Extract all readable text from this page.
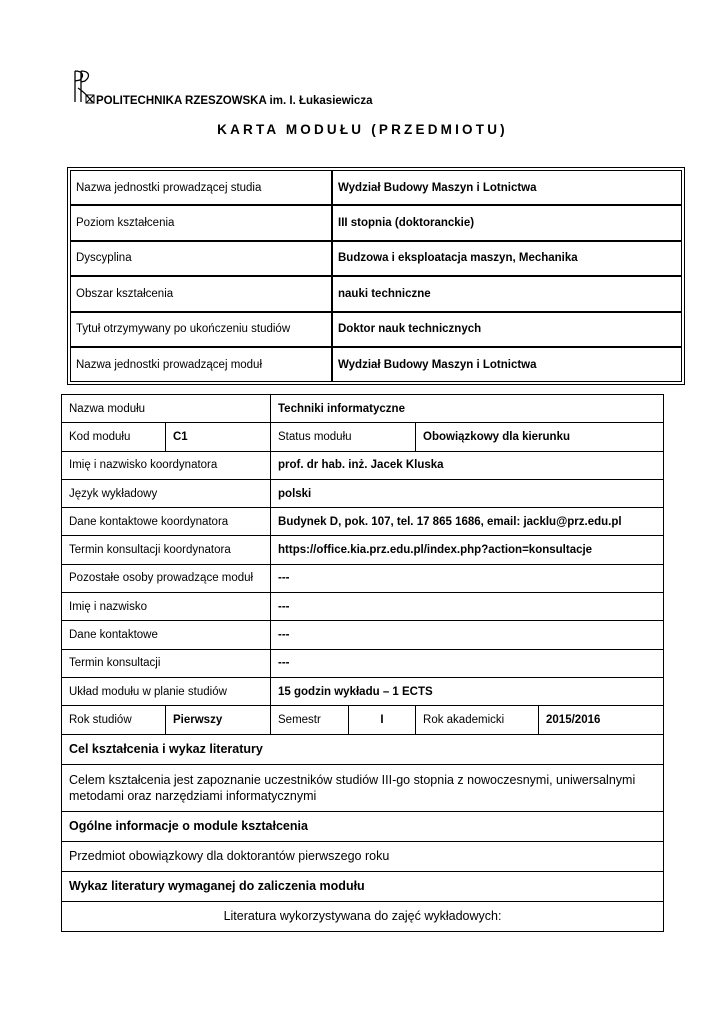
POLITECHNIKA RZESZOWSKA im. I. Łukasiewicza
KARTA MODUŁU (PRZEDMIOTU)
Nazwa jednostki prowadzącej studia	Wydział Budowy Maszyn i Lotnictwa
Poziom kształcenia	III stopnia (doktoranckie)
Dyscyplina	Budzowa i eksploatacja maszyn, Mechanika
Obszar kształcenia	nauki techniczne
Tytuł otrzymywany po ukończeniu studiów	Doktor nauk technicznych
Nazwa jednostki prowadzącej moduł	Wydział Budowy Maszyn i Lotnictwa
Nazwa modułu		Techniki informatyczne			
Kod modułu	C1	Status modułu		Obowiązkowy dla kierunku	
Imię i nazwisko koordynatora		prof. dr hab. inż. Jacek Kluska			
Język wykładowy		polski			
Dane kontaktowe koordynatora		Budynek D, pok. 107, tel. 17 865 1686, email: jacklu@prz.edu.pl			
Termin konsultacji koordynatora		https://office.kia.prz.edu.pl/index.php?action=konsultacje			
Pozostałe osoby prowadzące moduł		---			
Imię i nazwisko		---			
Dane kontaktowe		---			
Termin konsultacji		---			
Układ modułu w planie studiów		15 godzin wykładu – 1 ECTS			
Rok studiów	Pierwszy	Semestr	I	Rok akademicki	2015/2016
Cel kształcenia i wykaz literatury					
Celem kształcenia jest zapoznanie uczestników studiów III-go stopnia z nowoczesnymi, uniwersalnymi metodami oraz narzędziami informatycznymi					
Ogólne informacje o module kształcenia					
Przedmiot obowiązkowy dla doktorantów pierwszego roku					
Wykaz literatury wymaganej do zaliczenia modułu					
Literatura wykorzystywana do zajęć wykładowych:					
